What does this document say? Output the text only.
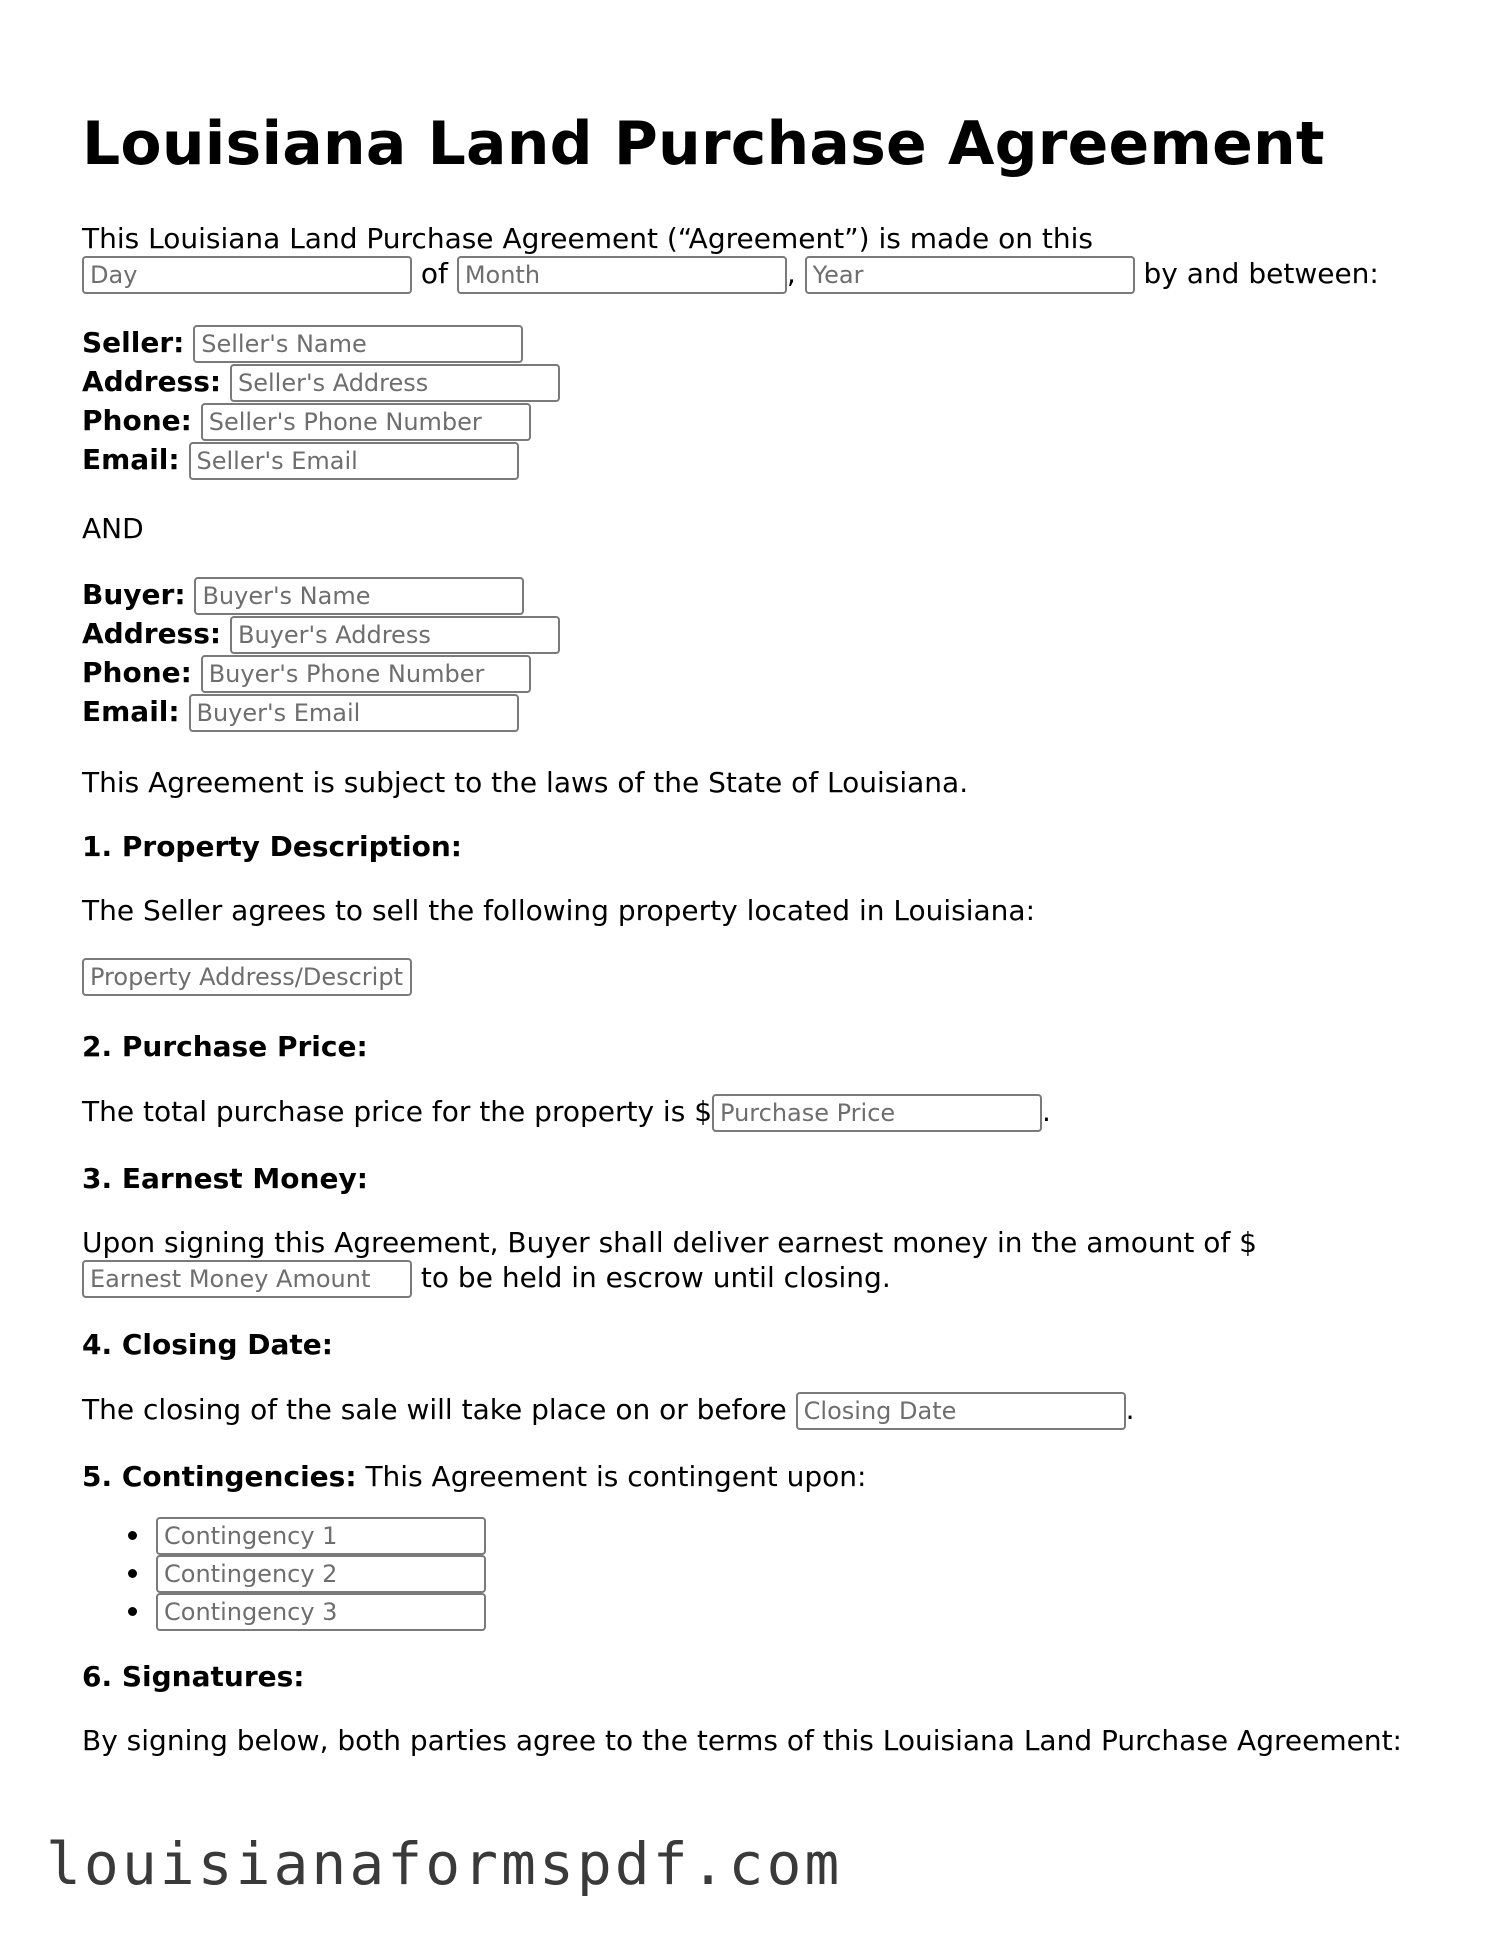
Louisiana Land Purchase Agreement

This Louisiana Land Purchase Agreement (“Agreement”) is made on this
Day of Month	, Year	by and between:

Seller: Seller's Name
Address: Seller's Address
Phone: Seller's Phone Number
Email: Seller's Email

AND

Buyer: Buyer's Name
Address: Buyer's Address
Phone: Buyer's Phone Number
Email: Buyer's Email

This Agreement is subject to the laws of the State of Louisiana.

1. Property Description:

The Seller agrees to sell the following property located in Louisiana:

Property Address/Description
2. Purchase Price:

The total purchase price for the property is $Purchase Price	.

3. Earnest Money:

Upon signing this Agreement, Buyer shall deliver earnest money in the amount of $
Earnest Money Amount to be held in escrow until closing.

4. Closing Date:

The closing of the sale will take place on or before Closing Date	.

5. Contingencies: This Agreement is contingent upon:

Contingency 1
Contingency 2
Contingency 3
6. Signatures:

By signing below, both parties agree to the terms of this Louisiana Land Purchase Agreement:

louisianaformspdf.com
